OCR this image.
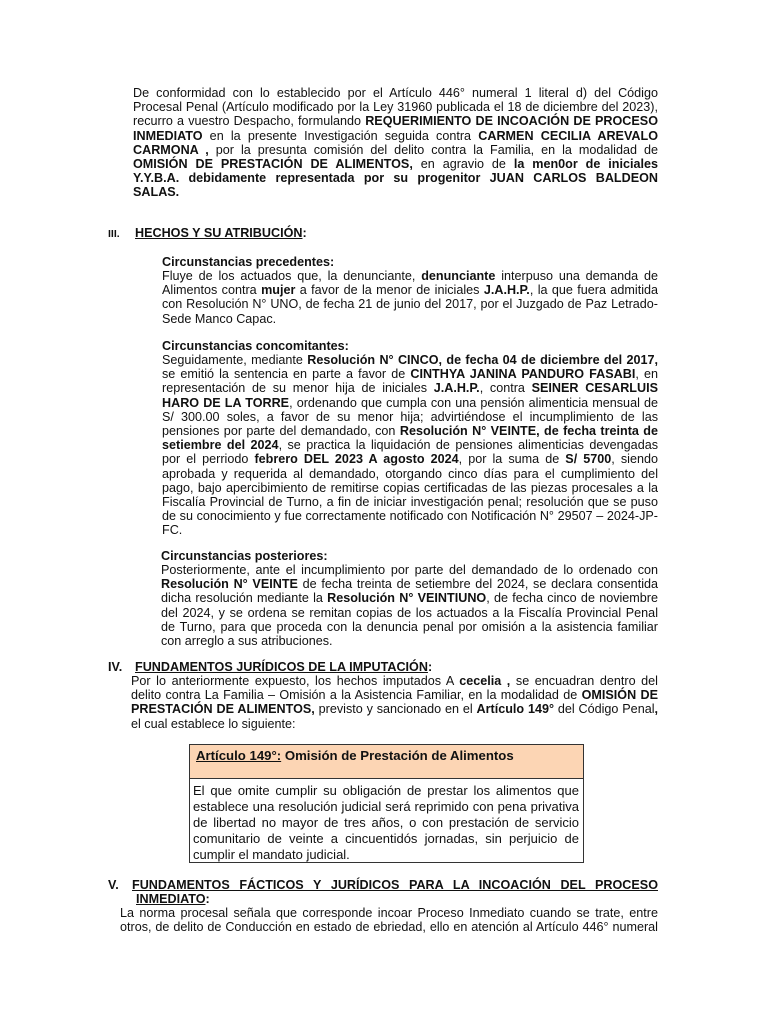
De conformidad con lo establecido por el Artículo 446° numeral 1 literal d) del Código Procesal Penal (Artículo modificado por la Ley 31960 publicada el 18 de diciembre del 2023), recurro a vuestro Despacho, formulando REQUERIMIENTO DE INCOACIÓN DE PROCESO INMEDIATO en la presente Investigación seguida contra CARMEN CECILIA AREVALO CARMONA , por la presunta comisión del delito contra la Familia, en la modalidad de OMISIÓN DE PRESTACIÓN DE ALIMENTOS, en agravio de la men0or de iniciales Y.Y.B.A. debidamente representada por su progenitor JUAN CARLOS BALDEON SALAS.
III. HECHOS Y SU ATRIBUCIÓN:
Circunstancias precedentes:
Fluye de los actuados que, la denunciante, denunciante interpuso una demanda de Alimentos contra mujer a favor de la menor de iniciales J.A.H.P., la que fuera admitida con Resolución N° UNO, de fecha 21 de junio del 2017, por el Juzgado de Paz Letrado- Sede Manco Capac.
Circunstancias concomitantes:
Seguidamente, mediante Resolución N° CINCO, de fecha 04 de diciembre del 2017, se emitió la sentencia en parte a favor de CINTHYA JANINA PANDURO FASABI, en representación de su menor hija de iniciales J.A.H.P., contra SEINER CESARLUIS HARO DE LA TORRE, ordenando que cumpla con una pensión alimenticia mensual de S/ 300.00 soles, a favor de su menor hija; advirtiéndose el incumplimiento de las pensiones por parte del demandado, con Resolución N° VEINTE, de fecha treinta de setiembre del 2024, se practica la liquidación de pensiones alimenticias devengadas por el perriodo febrero DEL 2023 A agosto 2024, por la suma de S/ 5700, siendo aprobada y requerida al demandado, otorgando cinco días para el cumplimiento del pago, bajo apercibimiento de remitirse copias certificadas de las piezas procesales a la Fiscalía Provincial de Turno, a fin de iniciar investigación penal; resolución que se puso de su conocimiento y fue correctamente notificado con Notificación N° 29507 – 2024-JP-FC.
Circunstancias posteriores:
Posteriormente, ante el incumplimiento por parte del demandado de lo ordenado con Resolución N° VEINTE de fecha treinta de setiembre del 2024, se declara consentida dicha resolución mediante la Resolución N° VEINTIUNO, de fecha cinco de noviembre del 2024, y se ordena se remitan copias de los actuados a la Fiscalía Provincial Penal de Turno, para que proceda con la denuncia penal por omisión a la asistencia familiar con arreglo a sus atribuciones.
IV. FUNDAMENTOS JURÍDICOS DE LA IMPUTACIÓN:
Por lo anteriormente expuesto, los hechos imputados A cecelia , se encuadran dentro del delito contra La Familia – Omisión a la Asistencia Familiar, en la modalidad de OMISIÓN DE PRESTACIÓN DE ALIMENTOS, previsto y sancionado en el Artículo 149° del Código Penal, el cual establece lo siguiente:
Artículo 149°: Omisión de Prestación de Alimentos
El que omite cumplir su obligación de prestar los alimentos que establece una resolución judicial será reprimido con pena privativa de libertad no mayor de tres años, o con prestación de servicio comunitario de veinte a cincuentidós jornadas, sin perjuicio de cumplir el mandato judicial.
V. FUNDAMENTOS FÁCTICOS Y JURÍDICOS PARA LA INCOACIÓN DEL PROCESO
INMEDIATO:
La norma procesal señala que corresponde incoar Proceso Inmediato cuando se trate, entre otros, de delito de Conducción en estado de ebriedad, ello en atención al Artículo 446° numeral
